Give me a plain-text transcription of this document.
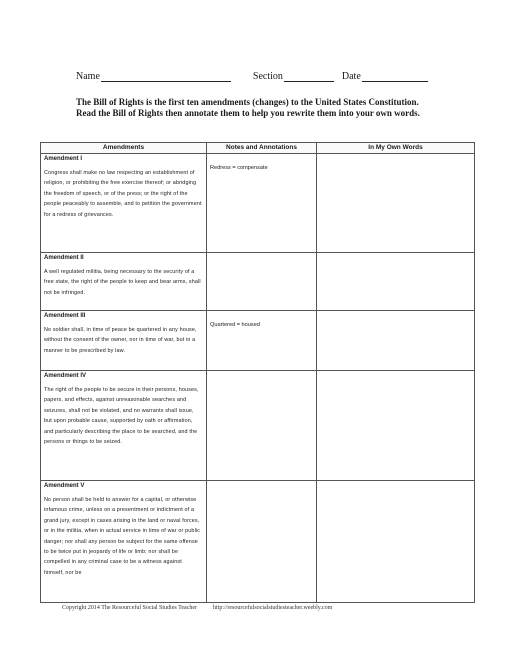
Name	Section	Date
The Bill of Rights is the first ten amendments (changes) to the United States Constitution. Read the Bill of Rights then annotate them to help you rewrite them into your own words.
Amendments	Notes and Annotations	In My Own Words

Amendment I
Congress shall make no law respecting an establishment of religion, or prohibiting the free exercise thereof; or abridging the freedom of speech, or of the press; or the right of the people peaceably to assemble, and to petition the government for a redress of grievances.	Redress = compensate	

Amendment II
A well regulated militia, being necessary to the security of a free state, the right of the people to keep and bear arms, shall not be infringed.		

Amendment III
No soldier shall, in time of peace be quartered in any house, without the consent of the owner, nor in time of war, but in a manner to be prescribed by law.	Quartered = housed	

Amendment IV
The right of the people to be secure in their persons, houses, papers, and effects, against unreasonable searches and seizures, shall not be violated, and no warrants shall issue, but upon probable cause, supported by oath or affirmation, and particularly describing the place to be searched, and the persons or things to be seized.		

Amendment V
No person shall be held to answer for a capital, or otherwise infamous crime, unless on a presentment or indictment of a grand jury, except in cases arising in the land or naval forces, or in the militia, when in actual service in time of war or public danger; nor shall any person be subject for the same offense to be twice put in jeopardy of life or limb; nor shall be compelled in any criminal case to be a witness against himself, nor be		

Copyright 2014 The Resourceful Social Studies Teacher	http://resourcefulsocialstudiesteacher.weebly.com
